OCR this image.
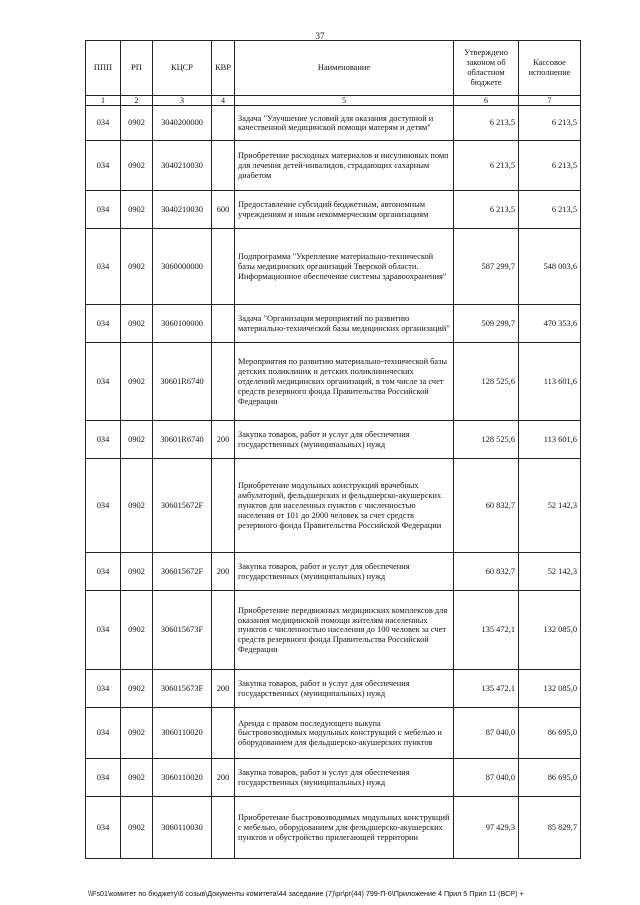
37
ППП	РП	КЦСР	КВР	Наименование	Утверждено законом об областном бюджете	Кассовое исполнение
1	2	3	4	5	6	7
034	0902	3040200000		Задача "Улучшение условий для оказания доступной и качественной медицинской помощи матерям и детям"	6 213,5	6 213,5
034	0902	3040210030		Приобретение расходных материалов и инсулиновых помп для лечения детей-инвалидов, страдающих сахарным диабетом	6 213,5	6 213,5
034	0902	3040210030	600	Предоставление субсидий бюджетным, автономным учреждениям и иным некоммерческим организациям	6 213,5	6 213,5
034	0902	3060000000		Подпрограмма "Укрепление материально-технической базы медицинских организаций Тверской области. Информационное обеспечение системы здравоохранения"	587 299,7	548 003,6
034	0902	3060100000		Задача "Организация мероприятий по развитию материально-технической базы медицинских организаций"	509 299,7	470 353,6
034	0902	30601R6740		Мероприятия по развитию материально-технической базы детских поликлиник и детских поликлинических отделений медицинских организаций, в том числе за счет средств резервного фонда Правительства Российской Федерации	128 525,6	113 601,6
034	0902	30601R6740	200	Закупка товаров, работ и услуг для обеспечения государственных (муниципальных) нужд	128 525,6	113 601,6
034	0902	306015672F		Приобретение модульных конструкций врачебных амбулаторий, фельдшерских и фельдшерско-акушерских пунктов для населенных пунктов с численностью населения от 101 до 2000 человек за счет средств резервного фонда Правительства Российской Федерации	60 832,7	52 142,3
034	0902	306015672F	200	Закупка товаров, работ и услуг для обеспечения государственных (муниципальных) нужд	60 832,7	52 142,3
034	0902	306015673F		Приобретение передвижных медицинских комплексов для оказания медицинской помощи жителям населенных пунктов с численностью населения до 100 человек за счет средств резервного фонда Правительства Российской Федерации	135 472,1	132 085,0
034	0902	306015673F	200	Закупка товаров, работ и услуг для обеспечения государственных (муниципальных) нужд	135 472,1	132 085,0
034	0902	3060110020		Аренда с правом последующего выкупа быстровозводимых модульных конструкций с мебелью и оборудованием для фельдшерско-акушерских пунктов	87 040,0	86 695,0
034	0902	3060110020	200	Закупка товаров, работ и услуг для обеспечения государственных (муниципальных) нужд	87 040,0	86 695,0
034	0902	3060110030		Приобретение быстровозводимых модульных конструкций с мебелью, оборудованием для фельдшерско-акушерских пунктов и обустройство прилегающей территории	97 429,3	85 829,7
\\Fs01\комитет по бюджету\6 созыв\Документы комитета\44 заседание (7)\pr\pr(44) 799-П-6\Приложение 4 Прил 5 Прил 11 (ВСР) +
